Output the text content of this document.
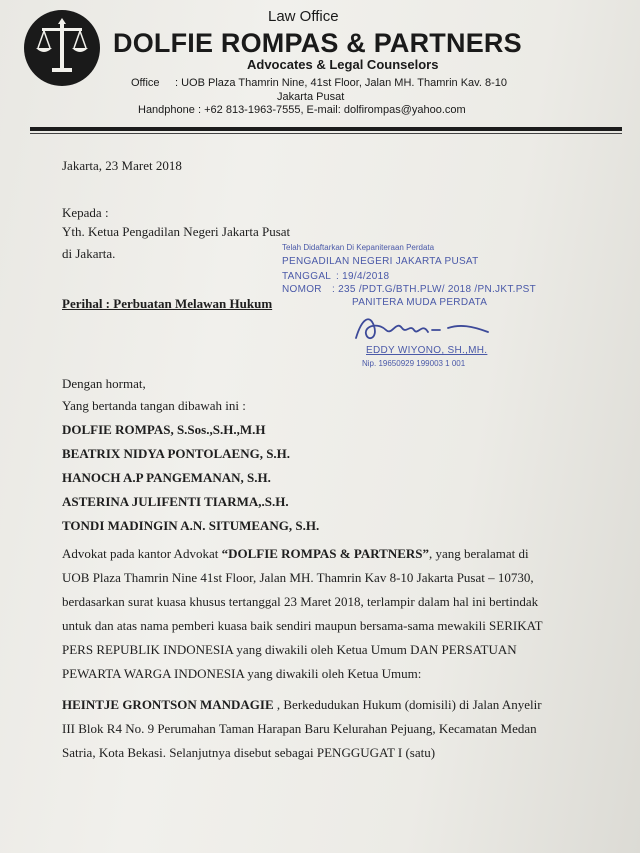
Law Office
DOLFIE ROMPAS & PARTNERS
Advocates & Legal Counselors
Office : UOB Plaza Thamrin Nine, 41st Floor, Jalan MH. Thamrin Kav. 8-10
Jakarta Pusat
Handphone : +62 813-1963-7555, E-mail: dolfirompas@yahoo.com
Jakarta, 23 Maret 2018
Kepada :
Yth. Ketua Pengadilan Negeri Jakarta Pusat
di Jakarta.
Perihal : Perbuatan Melawan Hukum
Dengan hormat,
Yang bertanda tangan dibawah ini :
DOLFIE ROMPAS, S.Sos.,S.H.,M.H
BEATRIX NIDYA PONTOLAENG, S.H.
HANOCH A.P PANGEMANAN, S.H.
ASTERINA JULIFENTI TIARMA,.S.H.
TONDI MADINGIN A.N. SITUMEANG, S.H.
Advokat pada kantor Advokat “DOLFIE ROMPAS & PARTNERS”, yang beralamat di
UOB Plaza Thamrin Nine 41st Floor, Jalan MH. Thamrin Kav 8-10 Jakarta Pusat – 10730,
berdasarkan surat kuasa khusus tertanggal 23 Maret 2018, terlampir dalam hal ini bertindak
untuk dan atas nama pemberi kuasa baik sendiri maupun bersama-sama mewakili SERIKAT
PERS REPUBLIK INDONESIA yang diwakili oleh Ketua Umum DAN PERSATUAN
PEWARTA WARGA INDONESIA yang diwakili oleh Ketua Umum:
HEINTJE GRONTSON MANDAGIE , Berkedudukan Hukum (domisili) di Jalan Anyelir
III Blok R4 No. 9 Perumahan Taman Harapan Baru Kelurahan Pejuang, Kecamatan Medan
Satria, Kota Bekasi. Selanjutnya disebut sebagai PENGGUGAT I (satu)
Telah Didaftarkan Di Kepaniteraan Perdata
PENGADILAN NEGERI JAKARTA PUSAT
TANGGAL : 19/4/2018
NOMOR : 235 /PDT.G/BTH.PLW/ 2018 /PN.JKT.PST
PANITERA MUDA PERDATA
EDDY WIYONO, SH.,MH.
Nip. 19650929 199003 1 001
